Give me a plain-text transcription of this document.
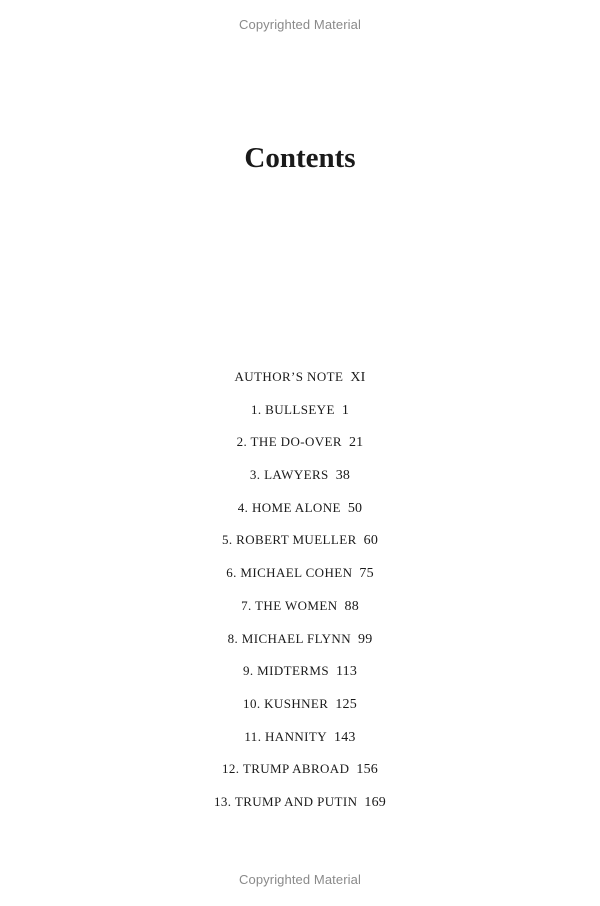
Copyrighted Material
Contents
AUTHOR’S NOTE XI
1. BULLSEYE 1
2. THE DO-OVER 21
3. LAWYERS 38
4. HOME ALONE 50
5. ROBERT MUELLER 60
6. MICHAEL COHEN 75
7. THE WOMEN 88
8. MICHAEL FLYNN 99
9. MIDTERMS 113
10. KUSHNER 125
11. HANNITY 143
12. TRUMP ABROAD 156
13. TRUMP AND PUTIN 169
Copyrighted Material
